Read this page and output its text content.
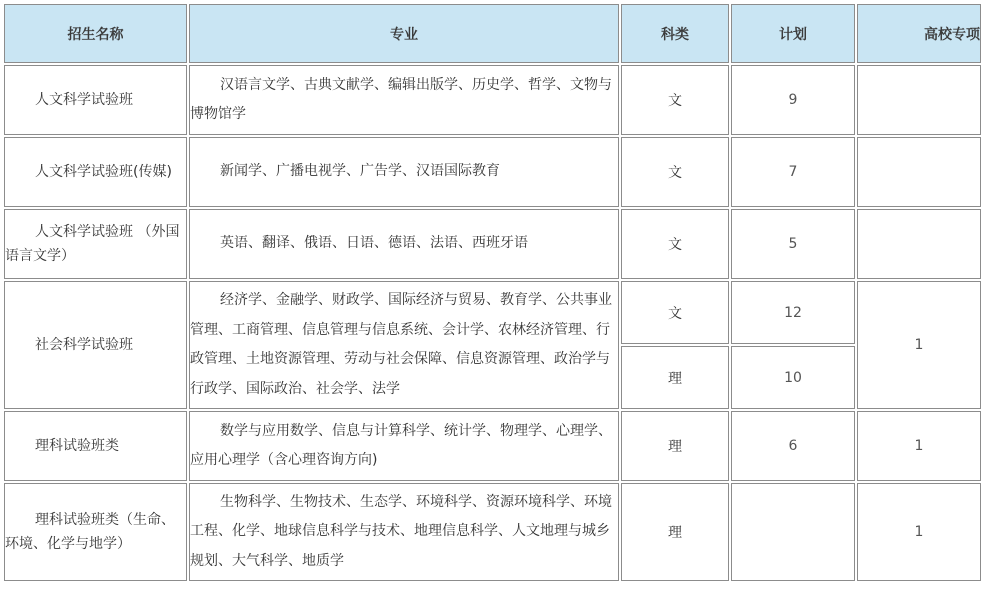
招生名称	专业	科类	计划	高校专项
人文科学试验班	汉语言文学、古典文献学、编辑出版学、历史学、哲学、文物与博物馆学	文	9	
人文科学试验班(传媒)	新闻学、广播电视学、广告学、汉语国际教育	文	7	
人文科学试验班 （外国语言文学）	英语、翻译、俄语、日语、德语、法语、西班牙语	文	5	
社会科学试验班	经济学、金融学、财政学、国际经济与贸易、教育学、公共事业管理、工商管理、信息管理与信息系统、会计学、农林经济管理、行政管理、土地资源管理、劳动与社会保障、信息资源管理、政治学与行政学、国际政治、社会学、法学	文	12	1
		理	10	
理科试验班类	数学与应用数学、信息与计算科学、统计学、物理学、心理学、应用心理学（含心理咨询方向)	理	6	1
理科试验班类（生命、环境、化学与地学）	生物科学、生物技术、生态学、环境科学、资源环境科学、环境工程、化学、地球信息科学与技术、地理信息科学、人文地理与城乡规划、大气科学、地质学	理		1
